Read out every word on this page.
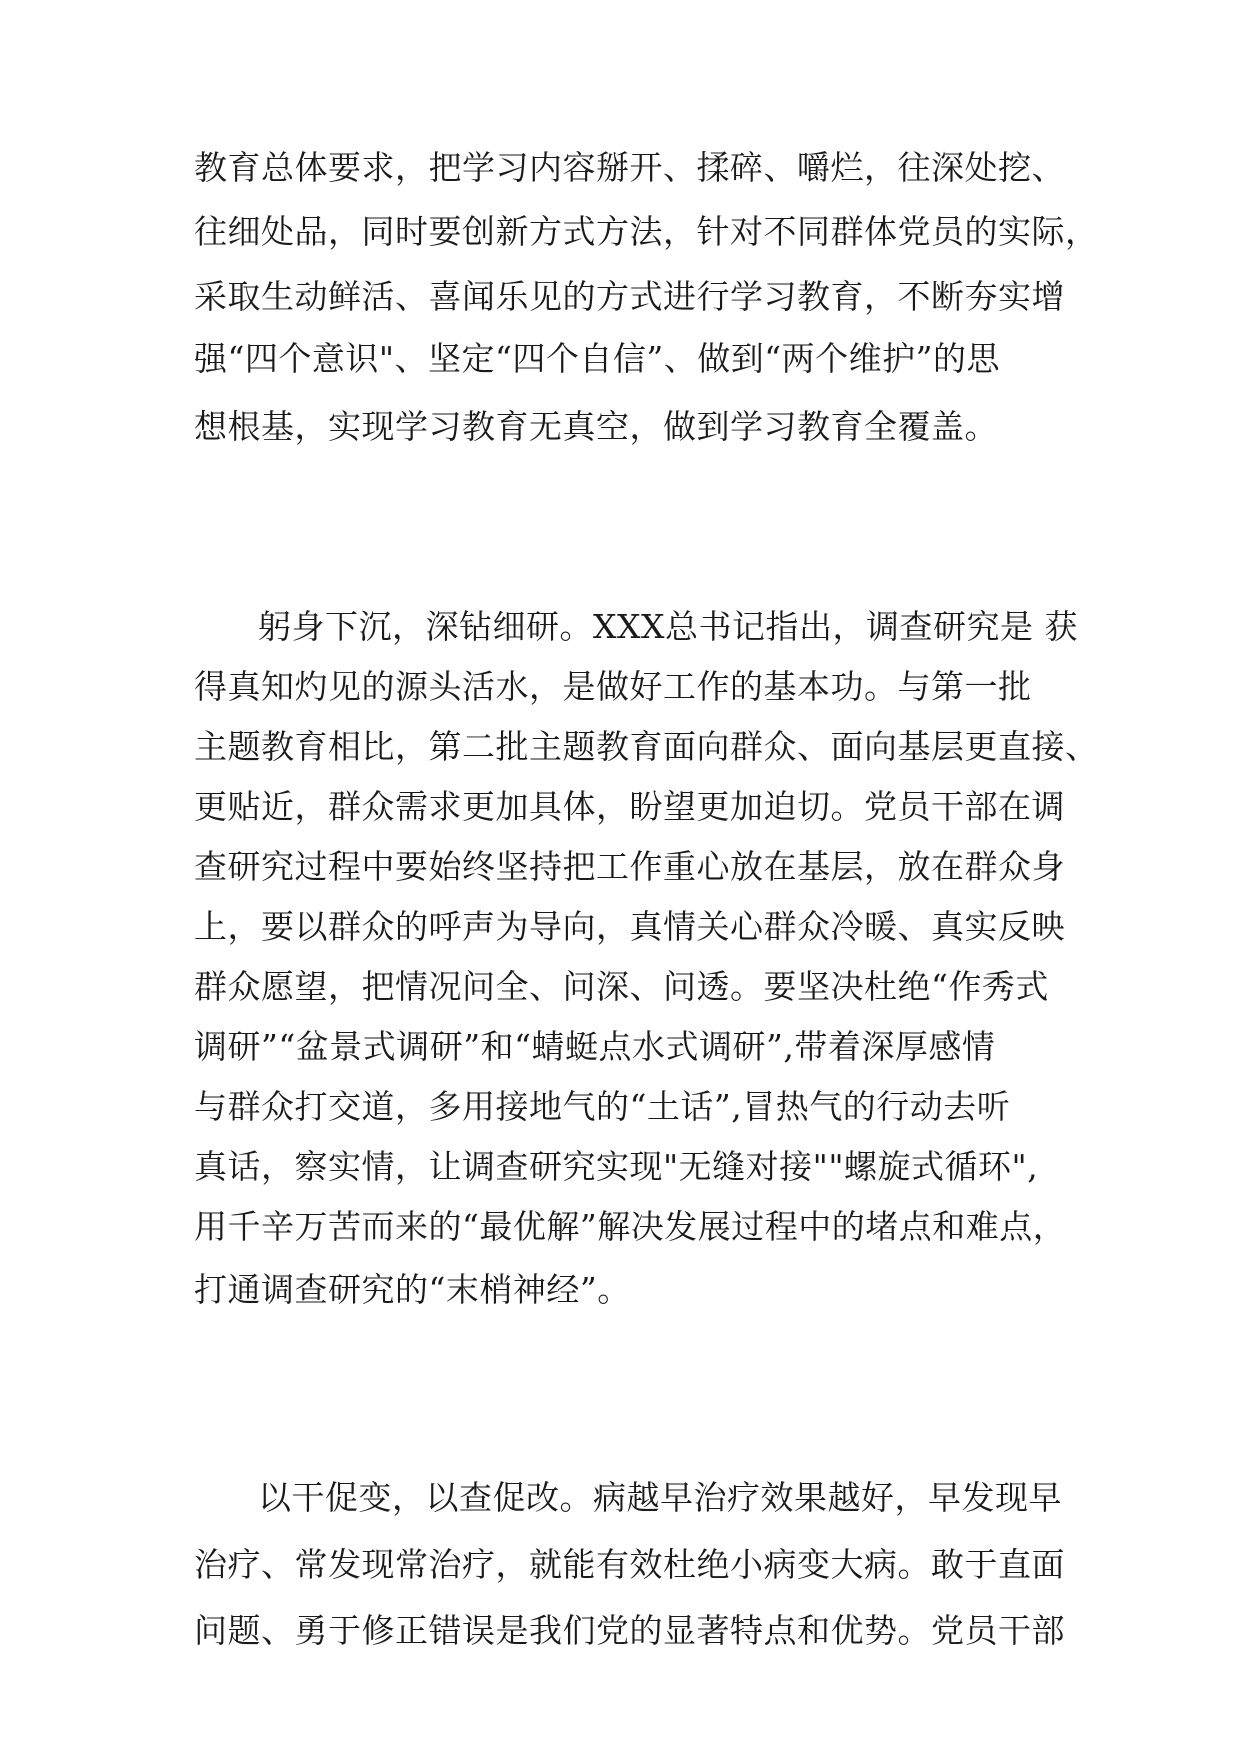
教育总体要求，把学习内容掰开、揉碎、嚼烂，往深处挖、
往细处品，同时要创新方式方法，针对不同群体党员的实际，
采取生动鲜活、喜闻乐见的方式进行学习教育，不断夯实增
强“四个意识"、坚定“四个自信”、做到“两个维护”的思
想根基，实现学习教育无真空，做到学习教育全覆盖。
躬身下沉，深钻细研。XXX总书记指出，调查研究是 获
得真知灼见的源头活水，是做好工作的基本功。与第一批
主题教育相比，第二批主题教育面向群众、面向基层更直接、
更贴近，群众需求更加具体，盼望更加迫切。党员干部在调
查研究过程中要始终坚持把工作重心放在基层，放在群众身
上，要以群众的呼声为导向，真情关心群众冷暖、真实反映
群众愿望，把情况问全、问深、问透。要坚决杜绝“作秀式
调研”“盆景式调研”和“蜻蜓点水式调研”,带着深厚感情
与群众打交道，多用接地气的“土话”,冒热气的行动去听
真话，察实情，让调查研究实现"无缝对接""螺旋式循环",
用千辛万苦而来的“最优解”解决发展过程中的堵点和难点，
打通调查研究的“末梢神经”。
以干促变，以查促改。病越早治疗效果越好，早发现早
治疗、常发现常治疗，就能有效杜绝小病变大病。敢于直面
问题、勇于修正错误是我们党的显著特点和优势。党员干部
